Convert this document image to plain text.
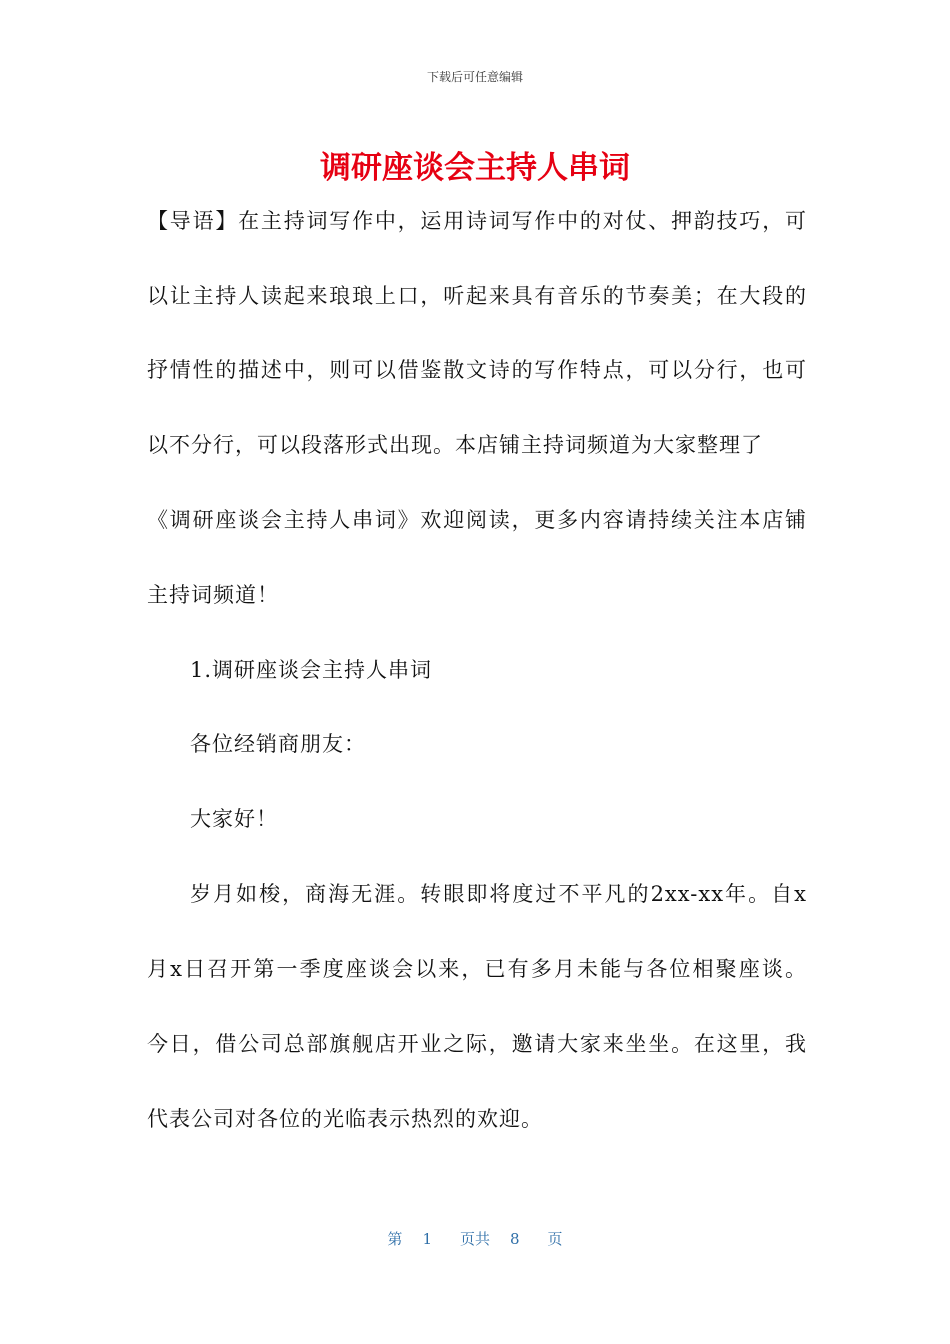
下载后可任意编辑
调研座谈会主持人串词
【导语】在主持词写作中，运用诗词写作中的对仗、押韵技巧，可
以让主持人读起来琅琅上口，听起来具有音乐的节奏美；在大段的
抒情性的描述中，则可以借鉴散文诗的写作特点，可以分行，也可
以不分行，可以段落形式出现。本店铺主持词频道为大家整理了
《调研座谈会主持人串词》欢迎阅读，更多内容请持续关注本店铺
主持词频道！
1.调研座谈会主持人串词
各位经销商朋友：
大家好！
岁月如梭，商海无涯。转眼即将度过不平凡的2xx-xx年。自x
月x日召开第一季度座谈会以来，已有多月未能与各位相聚座谈。
今日，借公司总部旗舰店开业之际，邀请大家来坐坐。在这里，我
代表公司对各位的光临表示热烈的欢迎。
第 1 页共 8 页
